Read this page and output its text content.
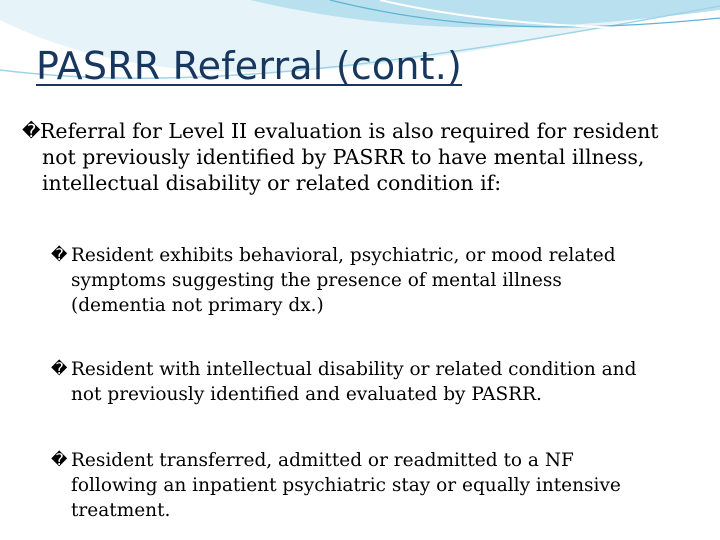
PASRR Referral (cont.)
� Referral for Level II evaluation is also required for resident
not previously identified by PASRR to have mental illness,
intellectual disability or related condition if:
� Resident exhibits behavioral, psychiatric, or mood related
symptoms suggesting the presence of mental illness
(dementia not primary dx.)
� Resident with intellectual disability or related condition and
not previously identified and evaluated by PASRR.
� Resident transferred, admitted or readmitted to a NF
following an inpatient psychiatric stay or equally intensive
treatment.
